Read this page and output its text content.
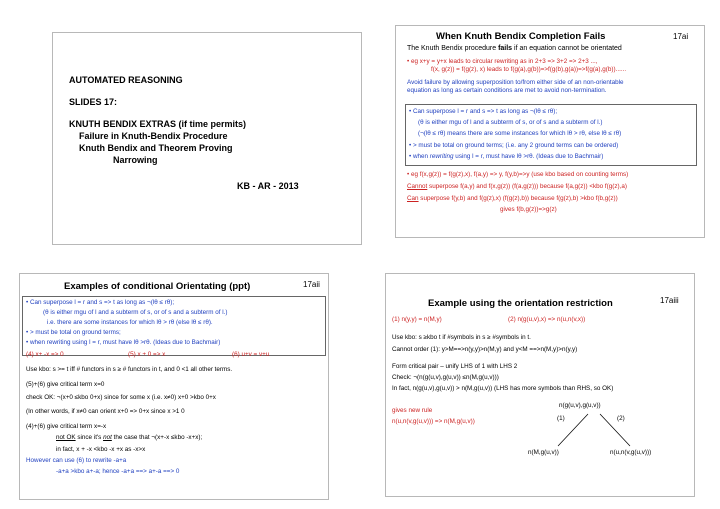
AUTOMATED REASONING
SLIDES 17:
KNUTH BENDIX EXTRAS (if time permits)
Failure in Knuth-Bendix Procedure
Knuth Bendix and Theorem Proving
Narrowing
KB - AR - 2013
When Knuth Bendix Completion Fails	17ai
The Knuth Bendix procedure fails if an equation cannot be orientated
• eg x+y = y+x leads to circular rewriting as in 2+3 => 3+2 => 2+3 ...,
f(x, g(z)) = f(g(z), x) leads to f(g(a),g(b))=>f(g(b),g(a))=>f(g(a),g(b))......
Avoid failure by allowing superposition to/from either side of an non-orientable
equation as long as certain conditions are met to avoid non-termination.
• Can superpose l = r and s => t as long as ¬(lθ ≤ rθ);
(θ is either mgu of l and a subterm of s, or of s and a subterm of l.)
(¬(lθ ≤ rθ) means there are some instances for which lθ > rθ, else lθ ≤ rθ)
• > must be total on ground terms; (i.e. any 2 ground terms can be ordered)
• when rewriting using l = r, must have lθ >rθ. (Ideas due to Bachmair)
• eg f(x,g(z)) = f(g(z),x), f(a,y) => y, f(y,b)=>y (use kbo based on counting terms)
Cannot superpose f(a,y) and f(x,g(z)) (f(a,g(z))) because f(a,g(z)) <kbo f(g(z),a)
Can superpose f(y,b) and f(g(z),x) (f(g(z),b)) because f(g(z),b) >kbo f(b,g(z))
gives f(b,g(z))=>g(z)
Examples of conditional Orientating (ppt)	17aii
• Can superpose l = r and s => t as long as ¬(lθ ≤ rθ);
(θ is either mgu of l and a subterm of s, or of s and a subterm of l.)
i.e. there are some instances for which lθ > rθ (else lθ ≤ rθ).
• > must be total on ground terms;
• when rewriting using l = r, must have lθ >rθ. (Ideas due to Bachmair)
(4) x+ -x => 0	(5) x + 0 => x	(6) u+v = v+u
Use kbo: s >= t iff # functors in s ≥ # functors in t, and 0 <1 all other terms.
(5)+(6) give critical term x=0
check OK: ¬(x+0 ≤kbo 0+x) since for some x (i.e. x≠0) x+0 >kbo 0+x
(In other words, if x≠0 can orient x+0 => 0+x since x >1 0
(4)+(6) give critical term x=-x
not OK since it's not the case that ¬(x+-x ≤kbo -x+x);
in fact, x + -x <kbo -x +x as -x>x
However can use (6) to rewrite -a+a
-a+a >kbo a+-a; hence -a+a ==> a+-a ==> 0
Example using the orientation restriction	17aiii
(1) n(y,y) = n(M,y)	(2) n(g(u,v),x) => n(u,n(v,x))
Use kbo: s ≥kbo t if #symbols in s ≥ #symbols in t.
Cannot order (1): y>M==>n(y,y)>n(M,y) and y<M ==>n(M,y)>n(y,y)
Form critical pair – unify LHS of 1 with LHS 2
Check: ¬(n(g(u,v),g(u,v)) ≤n(M,g(u,v)))
In fact, n(g(u,v),g(u,v)) > n(M,g(u,v)) (LHS has more symbols than RHS, so OK)
gives new rule
n(u,n(v,g(u,v))) => n(M,g(u,v))
n(g(u,v),g(u,v))
(1)	(2)
n(M,g(u,v))	n(u,n(v,g(u,v)))
